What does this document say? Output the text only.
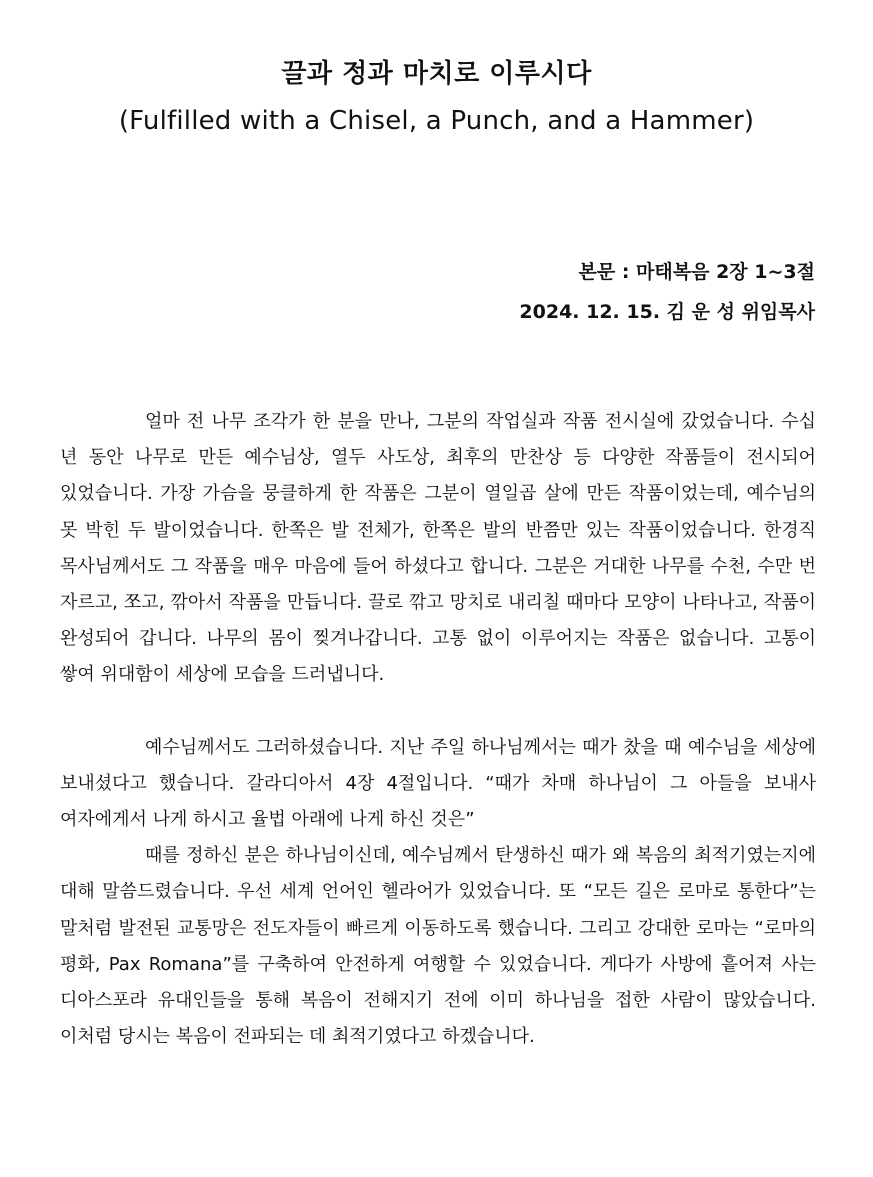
끌과 정과 마치로 이루시다
(Fulfilled with a Chisel, a Punch, and a Hammer)
본문 : 마태복음 2장 1~3절
2024. 12. 15. 김 운 성 위임목사

얼마 전 나무 조각가 한 분을 만나, 그분의 작업실과 작품 전시실에 갔었습니다. 수십 년 동안 나무로 만든 예수님상, 열두 사도상, 최후의 만찬상 등 다양한 작품들이 전시되어 있었습니다. 가장 가슴을 뭉클하게 한 작품은 그분이 열일곱 살에 만든 작품이었는데, 예수님의 못 박힌 두 발이었습니다. 한쪽은 발 전체가, 한쪽은 발의 반쯤만 있는 작품이었습니다. 한경직 목사님께서도 그 작품을 매우 마음에 들어 하셨다고 합니다. 그분은 거대한 나무를 수천, 수만 번 자르고, 쪼고, 깎아서 작품을 만듭니다. 끌로 깎고 망치로 내리칠 때마다 모양이 나타나고, 작품이 완성되어 갑니다. 나무의 몸이 찢겨나갑니다. 고통 없이 이루어지는 작품은 없습니다. 고통이 쌓여 위대함이 세상에 모습을 드러냅니다.

예수님께서도 그러하셨습니다. 지난 주일 하나님께서는 때가 찼을 때 예수님을 세상에 보내셨다고 했습니다. 갈라디아서 4장 4절입니다. “때가 차매 하나님이 그 아들을 보내사 여자에게서 나게 하시고 율법 아래에 나게 하신 것은”

때를 정하신 분은 하나님이신데, 예수님께서 탄생하신 때가 왜 복음의 최적기였는지에 대해 말씀드렸습니다. 우선 세계 언어인 헬라어가 있었습니다. 또 “모든 길은 로마로 통한다”는 말처럼 발전된 교통망은 전도자들이 빠르게 이동하도록 했습니다. 그리고 강대한 로마는 “로마의 평화, Pax Romana”를 구축하여 안전하게 여행할 수 있었습니다. 게다가 사방에 흩어져 사는 디아스포라 유대인들을 통해 복음이 전해지기 전에 이미 하나님을 접한 사람이 많았습니다. 이처럼 당시는 복음이 전파되는 데 최적기였다고 하겠습니다.
